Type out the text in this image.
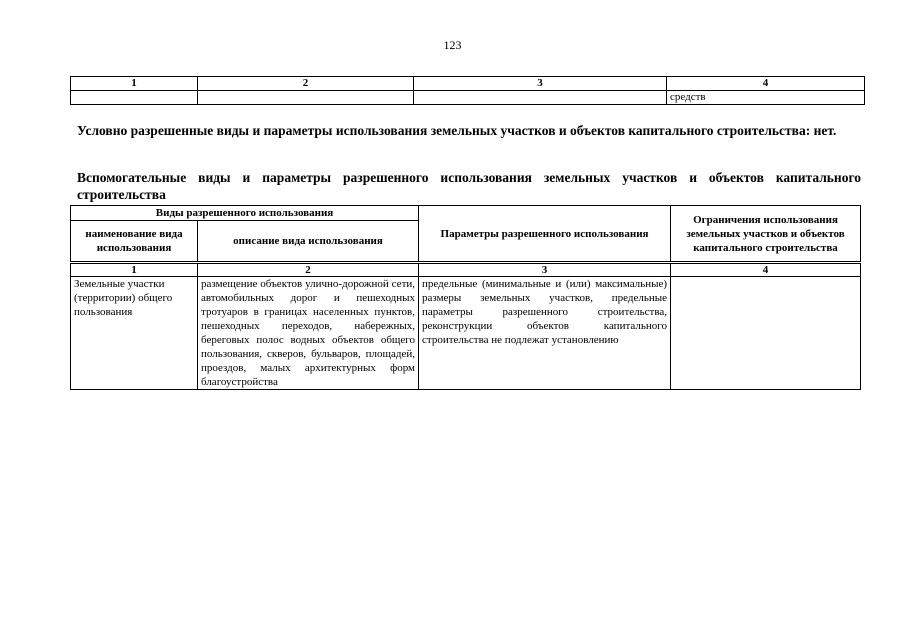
123
1	2	3	4
			средств
Условно разрешенные виды и параметры использования земельных участков и объектов капитального строительства: нет.
Вспомогательные виды и параметры разрешенного использования земельных участков и объектов капитального строительства
Виды разрешенного использования		Параметры разрешенного использования	Ограничения использования земельных участков и объектов капитального строительства
наименование вида использования	описание вида использования		
1	2	3	4
Земельные участки (территории) общего пользования	размещение объектов улично-дорожной сети, автомобильных дорог и пешеходных тротуаров в границах населенных пунктов, пешеходных переходов, набережных, береговых полос водных объектов общего пользования, скверов, бульваров, площадей, проездов, малых архитектурных форм благоустройства	предельные (минимальные и (или) максимальные) размеры земельных участков, предельные параметры разрешенного строительства, реконструкции объектов капитального строительства не подлежат установлению	
